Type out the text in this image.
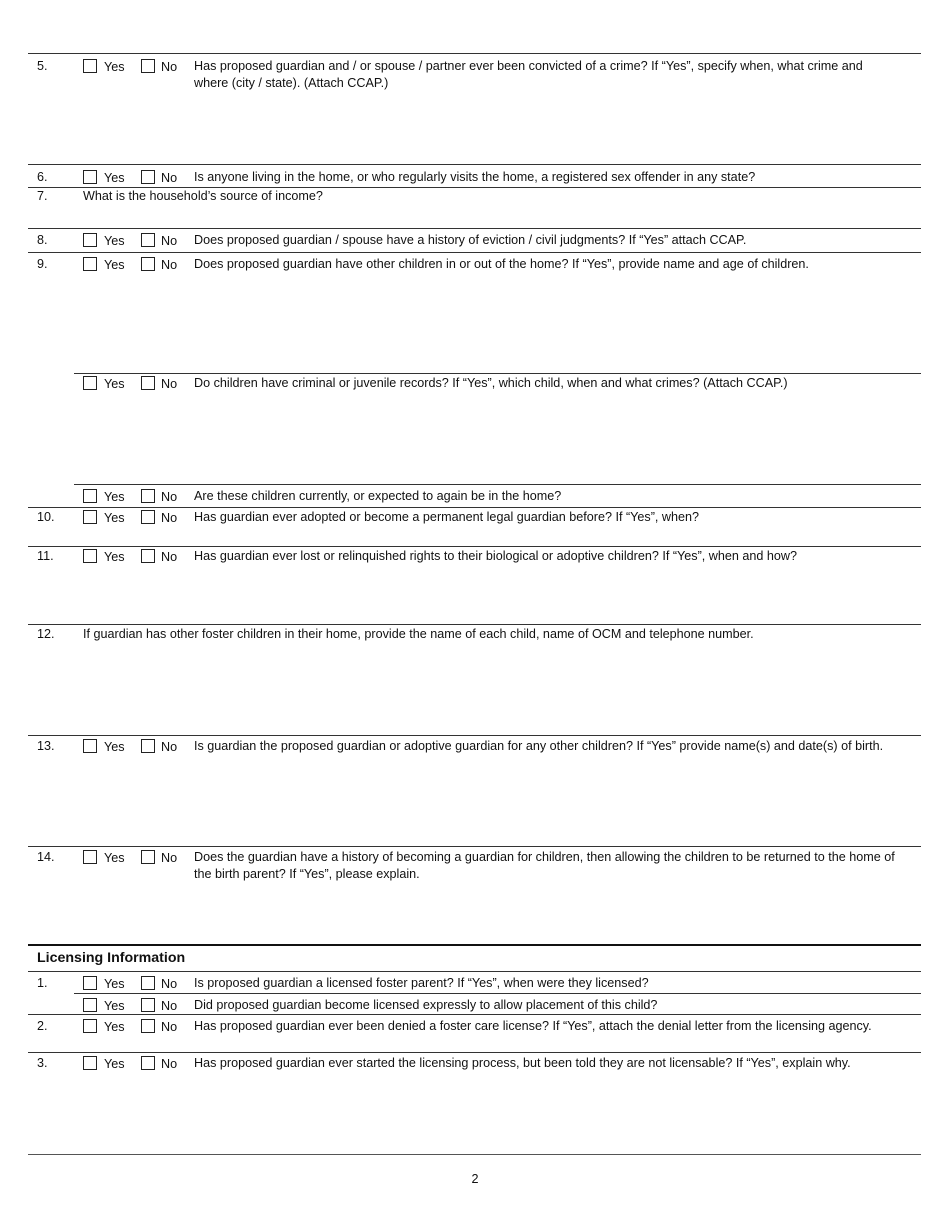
5.	Yes	No Has proposed guardian and / or spouse / partner ever been convicted of a crime? If “Yes”, specify when, what crime and where (city / state). (Attach CCAP.)
6.	Yes	No Is anyone living in the home, or who regularly visits the home, a registered sex offender in any state?
7.	What is the household’s source of income?
8.	Yes	No Does proposed guardian / spouse have a history of eviction / civil judgments? If “Yes” attach CCAP.
9.	Yes	No Does proposed guardian have other children in or out of the home? If “Yes”, provide name and age of children.
Yes	No Do children have criminal or juvenile records? If “Yes”, which child, when and what crimes? (Attach CCAP.)
Yes	No Are these children currently, or expected to again be in the home?
10.	Yes	No Has guardian ever adopted or become a permanent legal guardian before? If “Yes”, when?
11.	Yes	No Has guardian ever lost or relinquished rights to their biological or adoptive children? If “Yes”, when and how?
12. If guardian has other foster children in their home, provide the name of each child, name of OCM and telephone number.
13.	Yes	No Is guardian the proposed guardian or adoptive guardian for any other children? If “Yes” provide name(s) and date(s) of birth.
14.	Yes	No Does the guardian have a history of becoming a guardian for children, then allowing the children to be returned to the home of the birth parent? If “Yes”, please explain.
Licensing Information
1.	Yes	No Is proposed guardian a licensed foster parent? If “Yes”, when were they licensed?
Yes	No Did proposed guardian become licensed expressly to allow placement of this child?
2.	Yes	No Has proposed guardian ever been denied a foster care license? If “Yes”, attach the denial letter from the licensing agency.
3.	Yes	No Has proposed guardian ever started the licensing process, but been told they are not licensable? If “Yes”, explain why.
2
